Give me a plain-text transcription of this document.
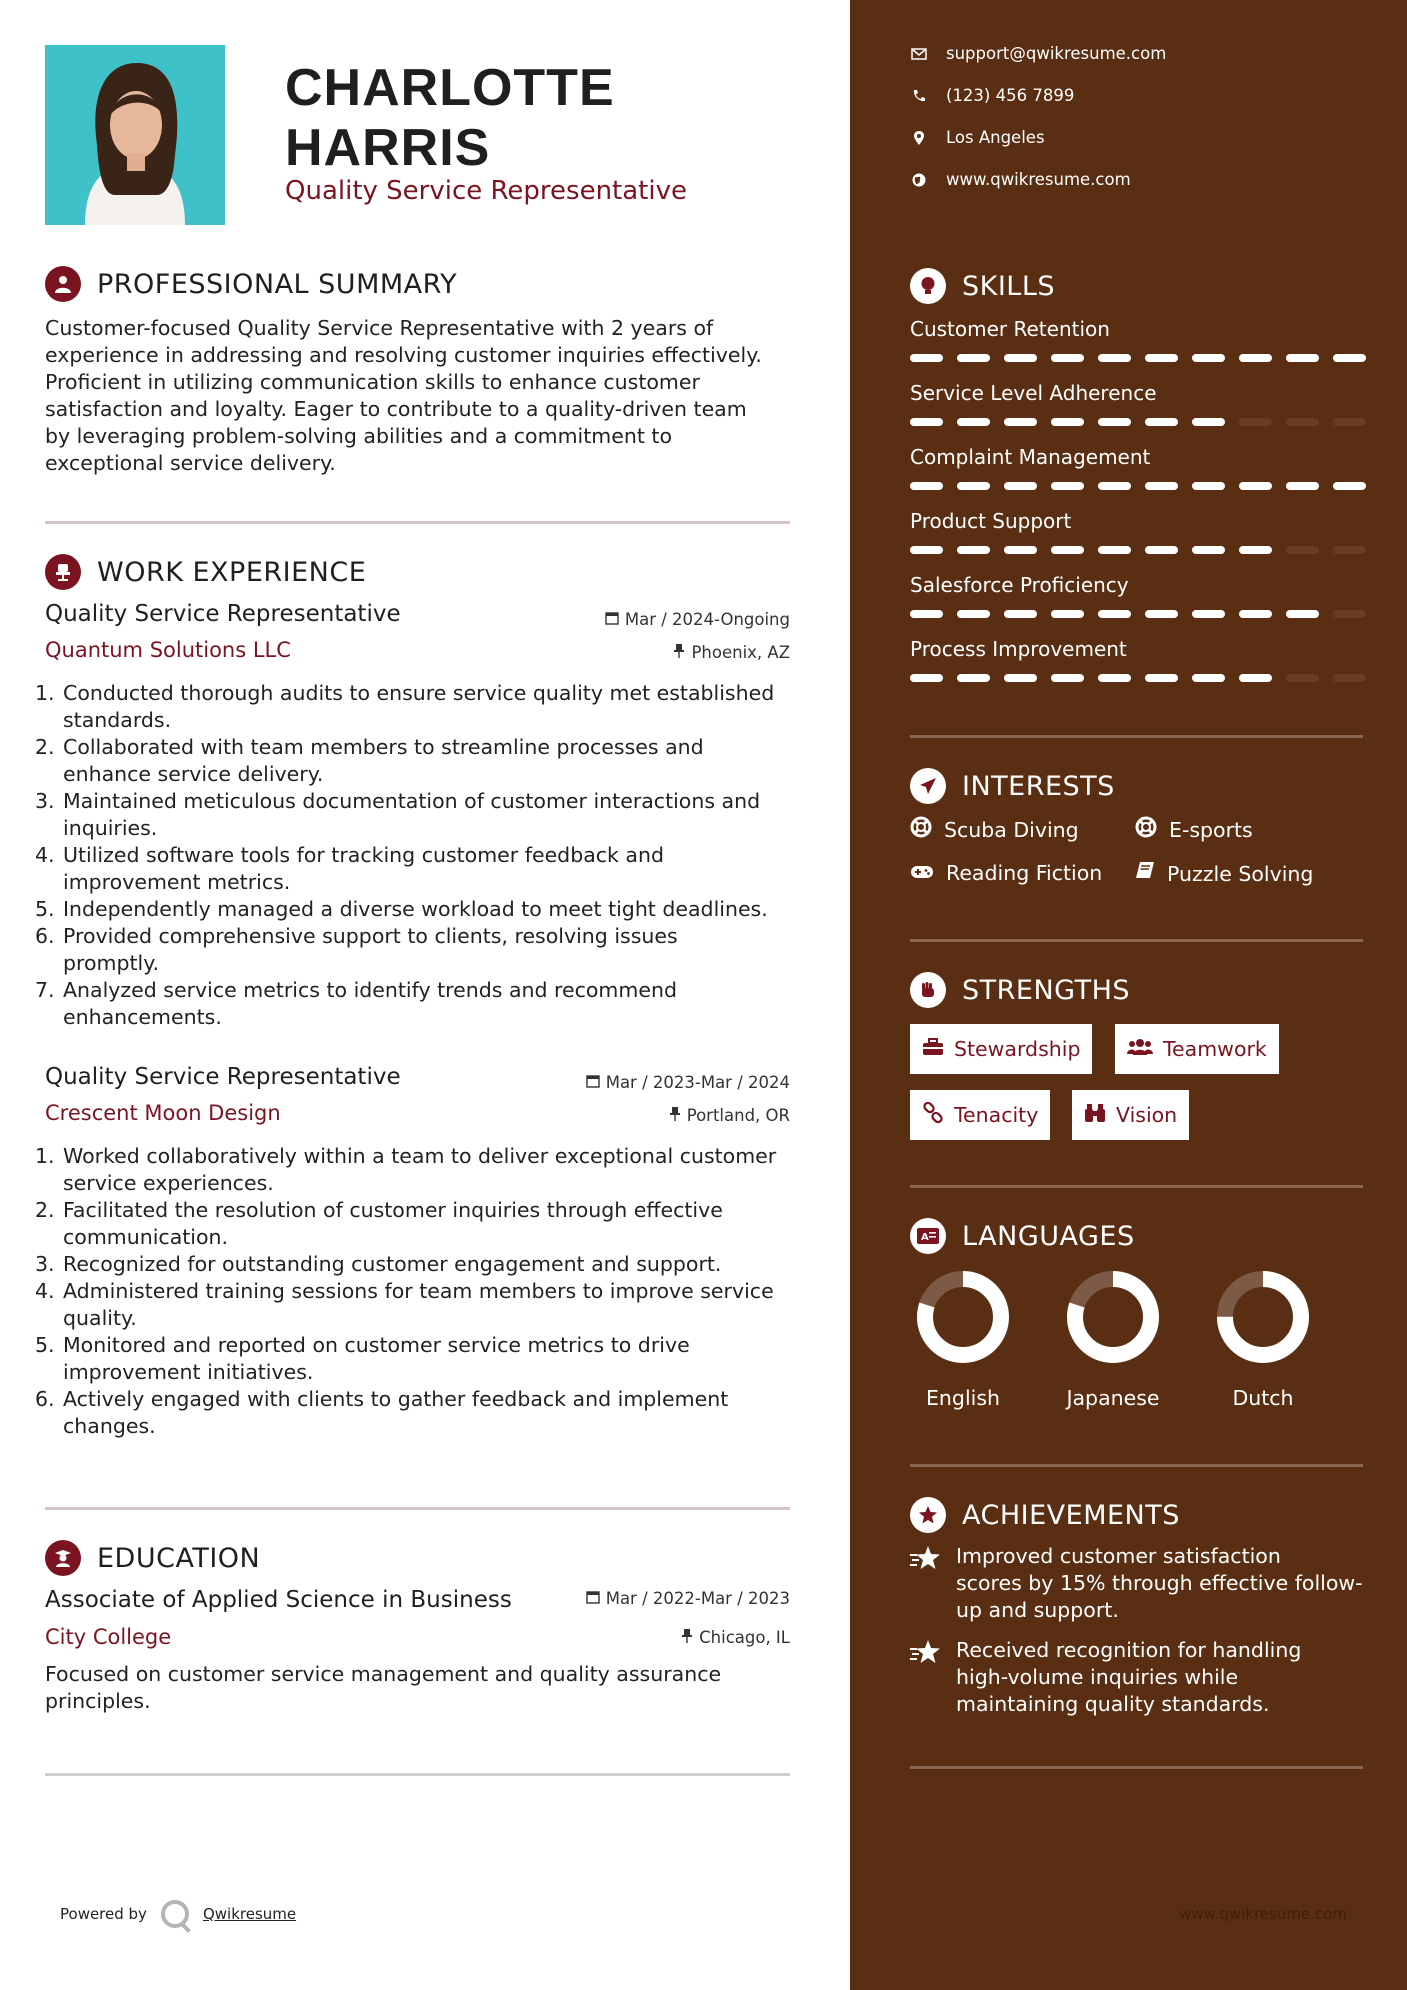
CHARLOTTE
HARRIS
Quality Service Representative
PROFESSIONAL SUMMARY
Customer-focused Quality Service Representative with 2 years of
experience in addressing and resolving customer inquiries effectively.
Proficient in utilizing communication skills to enhance customer
satisfaction and loyalty. Eager to contribute to a quality-driven team
by leveraging problem-solving abilities and a commitment to
exceptional service delivery.
WORK EXPERIENCE
Quality Service Representative	Mar / 2024-Ongoing
Quantum Solutions LLC	Phoenix, AZ
1. Conducted thorough audits to ensure service quality met established
standards.
2. Collaborated with team members to streamline processes and
enhance service delivery.
3. Maintained meticulous documentation of customer interactions and
inquiries.
4. Utilized software tools for tracking customer feedback and
improvement metrics.
5. Independently managed a diverse workload to meet tight deadlines.
6. Provided comprehensive support to clients, resolving issues
promptly.
7. Analyzed service metrics to identify trends and recommend
enhancements.
Quality Service Representative	Mar / 2023-Mar / 2024
Crescent Moon Design	Portland, OR
1. Worked collaboratively within a team to deliver exceptional customer
service experiences.
2. Facilitated the resolution of customer inquiries through effective
communication.
3. Recognized for outstanding customer engagement and support.
4. Administered training sessions for team members to improve service
quality.
5. Monitored and reported on customer service metrics to drive
improvement initiatives.
6. Actively engaged with clients to gather feedback and implement
changes.
EDUCATION
Associate of Applied Science in Business	Mar / 2022-Mar / 2023
City College	Chicago, IL
Focused on customer service management and quality assurance
principles.
Powered by	Qwikresume
support@qwikresume.com
(123) 456 7899
Los Angeles
www.qwikresume.com
SKILLS
Customer Retention
Service Level Adherence
Complaint Management
Product Support
Salesforce Proficiency
Process Improvement
INTERESTS
Scuba Diving	E-sports
Reading Fiction	Puzzle Solving
STRENGTHS
Stewardship	Teamwork
Tenacity	Vision
A LANGUAGES
English	Japanese	Dutch
ACHIEVEMENTS
Improved customer satisfaction
scores by 15% through effective follow-
up and support.
Received recognition for handling
high-volume inquiries while
maintaining quality standards.
www.qwikresume.com
